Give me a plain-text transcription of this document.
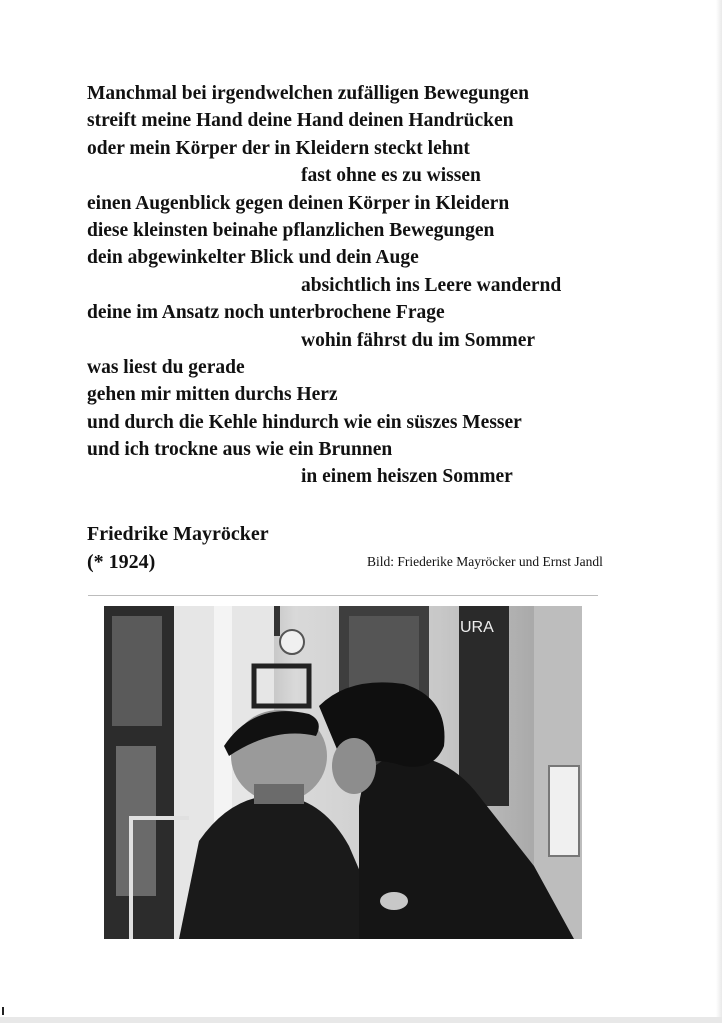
Manchmal bei irgendwelchen zufälligen Bewegungen
streift meine Hand deine Hand deinen Handrücken
oder mein Körper der in Kleidern steckt lehnt
fast ohne es zu wissen
einen Augenblick gegen deinen Körper in Kleidern
diese kleinsten beinahe pflanzlichen Bewegungen
dein abgewinkelter Blick und dein Auge
absichtlich ins Leere wandernd
deine im Ansatz noch unterbrochene Frage
wohin fährst du im Sommer
was liest du gerade
gehen mir mitten durchs Herz
und durch die Kehle hindurch wie ein süszes Messer
und ich trockne aus wie ein Brunnen
in einem heiszen Sommer
Friedrike Mayröcker
(* 1924)	Bild: Friederike Mayröcker und Ernst Jandl
URA
